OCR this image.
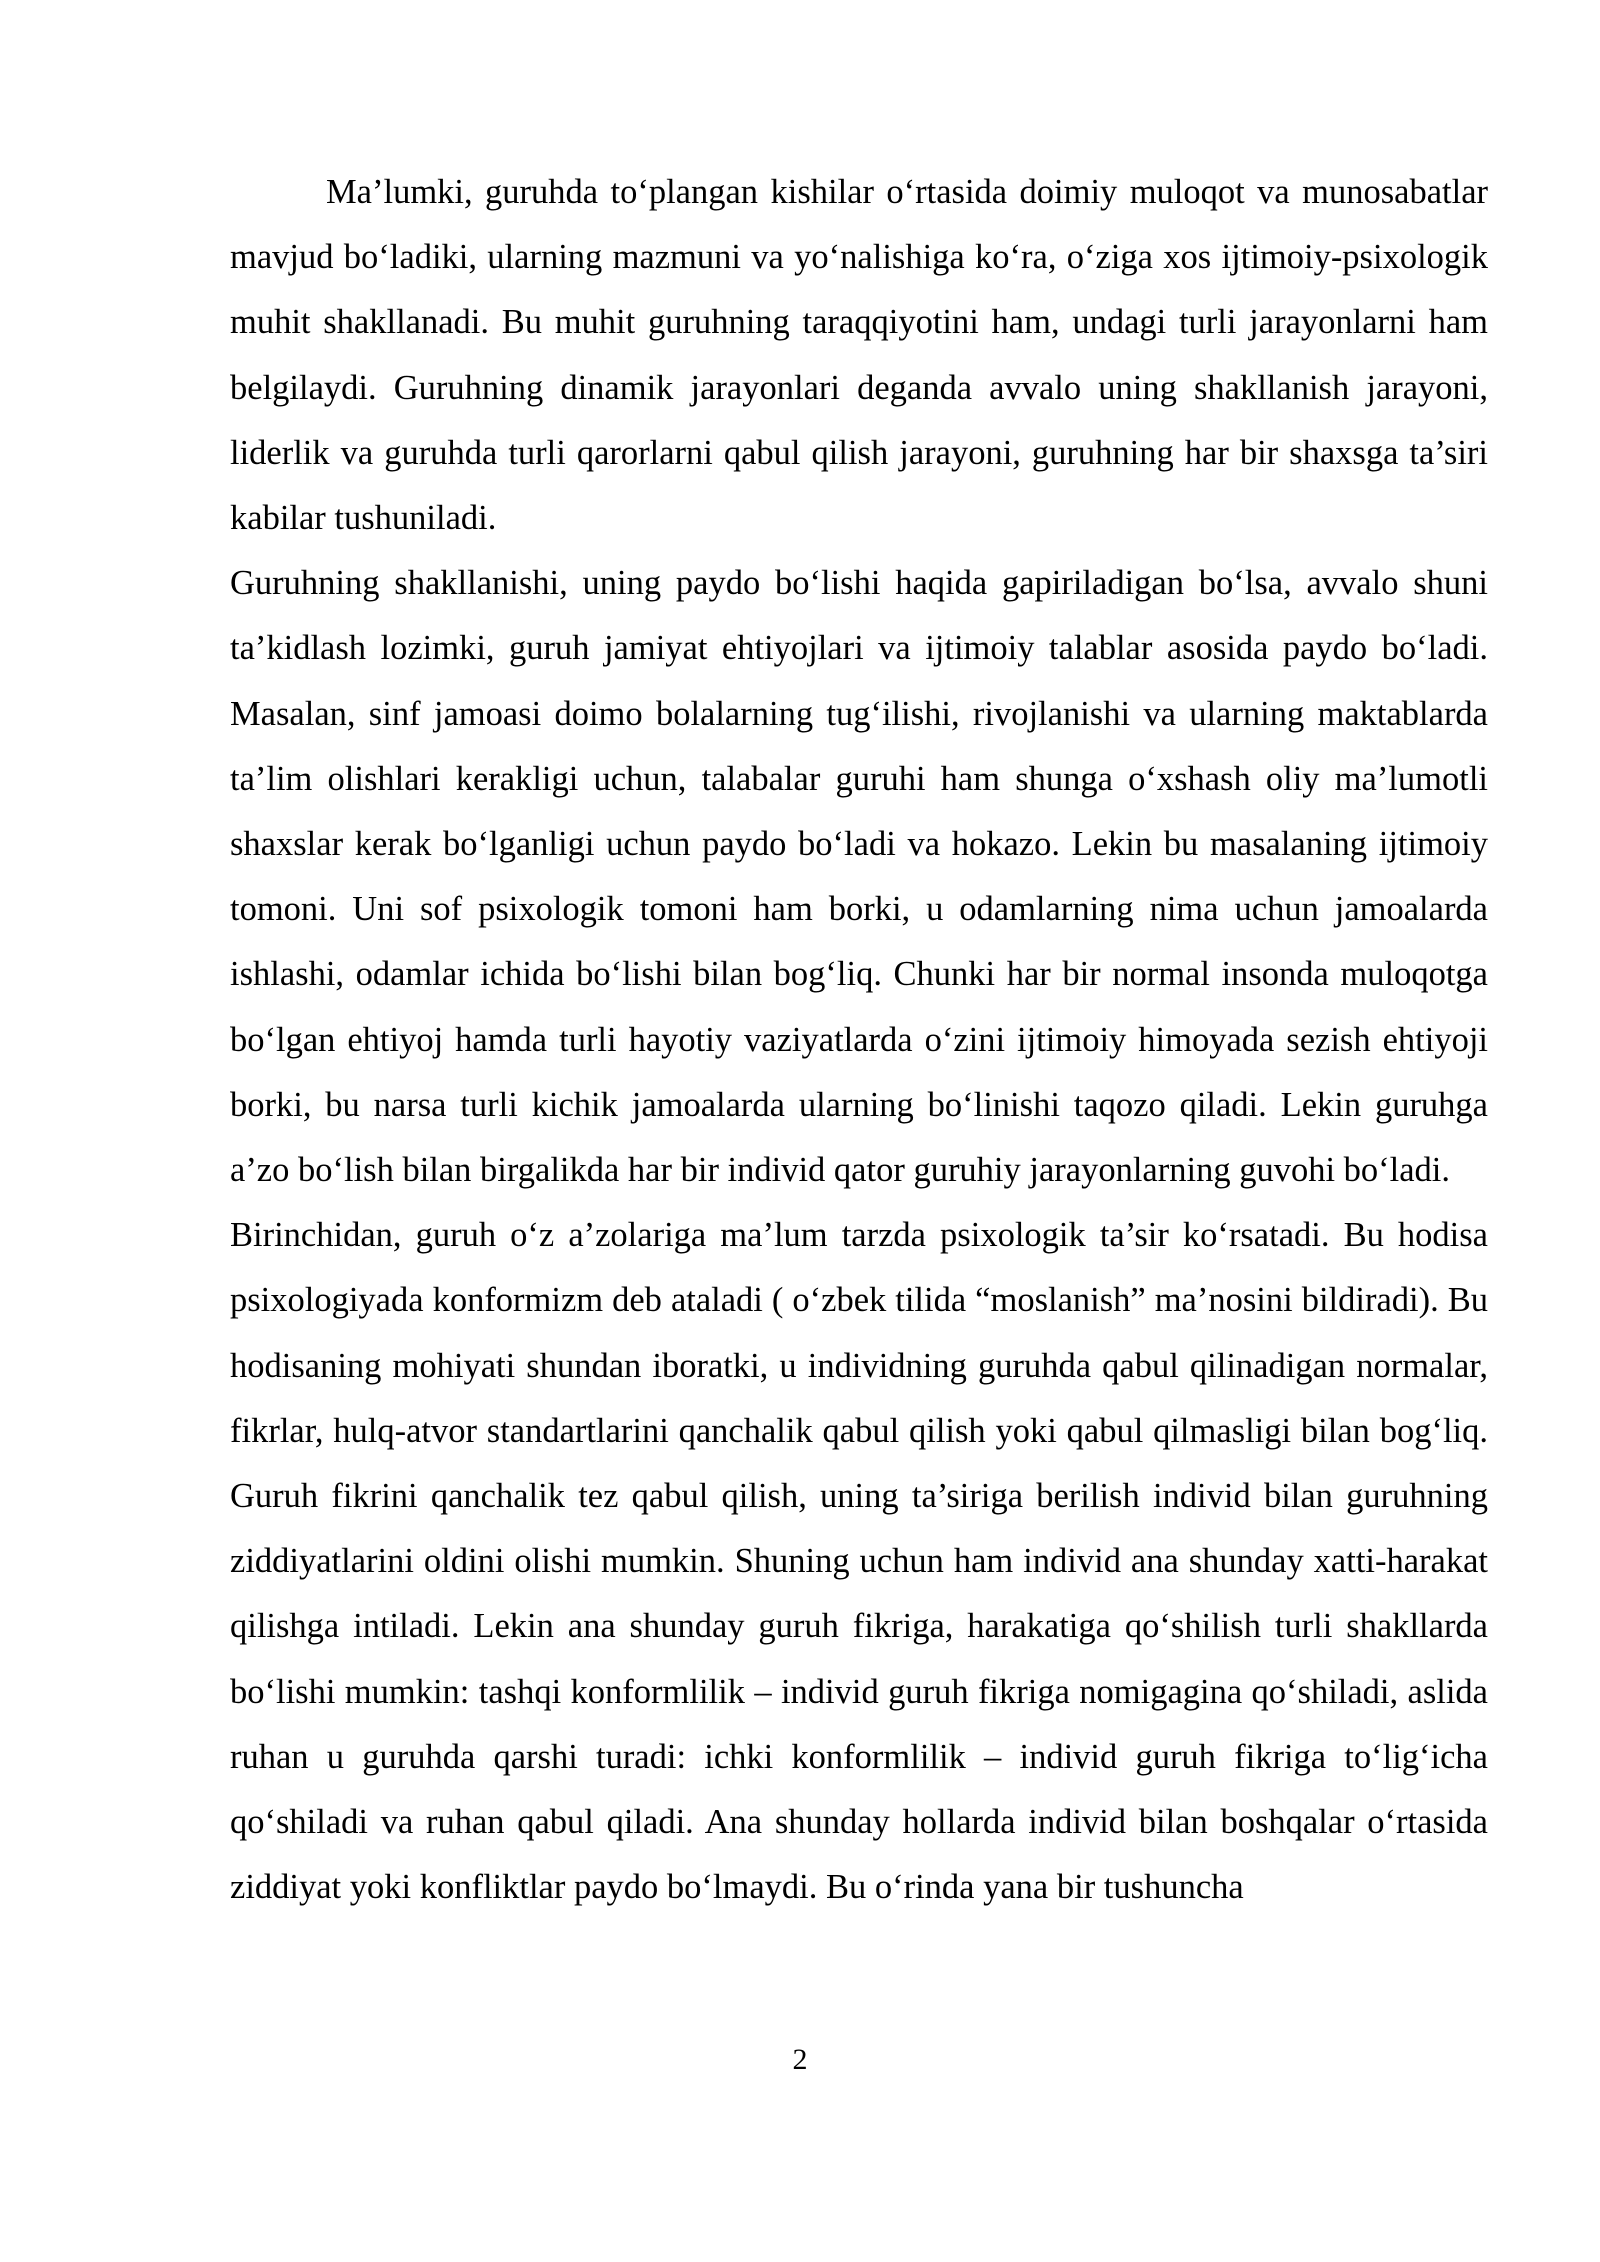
Ma’lumki, guruhda to‘plangan kishilar o‘rtasida doimiy muloqot va munosabatlar mavjud bo‘ladiki, ularning mazmuni va yo‘nalishiga ko‘ra, o‘ziga xos ijtimoiy-psixologik muhit shakllanadi. Bu muhit guruhning taraqqiyotini ham, undagi turli jarayonlarni ham belgilaydi. Guruhning dinamik jarayonlari deganda avvalo uning shakllanish jarayoni, liderlik va guruhda turli qarorlarni qabul qilish jarayoni, guruhning har bir shaxsga ta’siri kabilar tushuniladi.

Guruhning shakllanishi, uning paydo bo‘lishi haqida gapiriladigan bo‘lsa, avvalo shuni ta’kidlash lozimki, guruh jamiyat ehtiyojlari va ijtimoiy talablar asosida paydo bo‘ladi. Masalan, sinf jamoasi doimo bolalarning tug‘ilishi, rivojlanishi va ularning maktablarda ta’lim olishlari kerakligi uchun, talabalar guruhi ham shunga o‘xshash oliy ma’lumotli shaxslar kerak bo‘lganligi uchun paydo bo‘ladi va hokazo. Lekin bu masalaning ijtimoiy tomoni. Uni sof psixologik tomoni ham borki, u odamlarning nima uchun jamoalarda ishlashi, odamlar ichida bo‘lishi bilan bog‘liq. Chunki har bir normal insonda muloqotga bo‘lgan ehtiyoj hamda turli hayotiy vaziyatlarda o‘zini ijtimoiy himoyada sezish ehtiyoji borki, bu narsa turli kichik jamoalarda ularning bo‘linishi taqozo qiladi. Lekin guruhga a’zo bo‘lish bilan birgalikda har bir individ qator guruhiy jarayonlarning guvohi bo‘ladi.

Birinchidan, guruh o‘z a’zolariga ma’lum tarzda psixologik ta’sir ko‘rsatadi. Bu hodisa psixologiyada konformizm deb ataladi ( o‘zbek tilida “moslanish” ma’nosini bildiradi). Bu hodisaning mohiyati shundan iboratki, u individning guruhda qabul qilinadigan normalar, fikrlar, hulq-atvor standartlarini qanchalik qabul qilish yoki qabul qilmasligi bilan bog‘liq. Guruh fikrini qanchalik tez qabul qilish, uning ta’siriga berilish individ bilan guruhning ziddiyatlarini oldini olishi mumkin. Shuning uchun ham individ ana shunday xatti-harakat qilishga intiladi. Lekin ana shunday guruh fikriga, harakatiga qo‘shilish turli shakllarda bo‘lishi mumkin: tashqi konformlilik – individ guruh fikriga nomigagina qo‘shiladi, aslida ruhan u guruhda qarshi turadi: ichki konformlilik – individ guruh fikriga to‘lig‘icha qo‘shiladi va ruhan qabul qiladi. Ana shunday hollarda individ bilan boshqalar o‘rtasida ziddiyat yoki konfliktlar paydo bo‘lmaydi. Bu o‘rinda yana bir tushuncha

2
